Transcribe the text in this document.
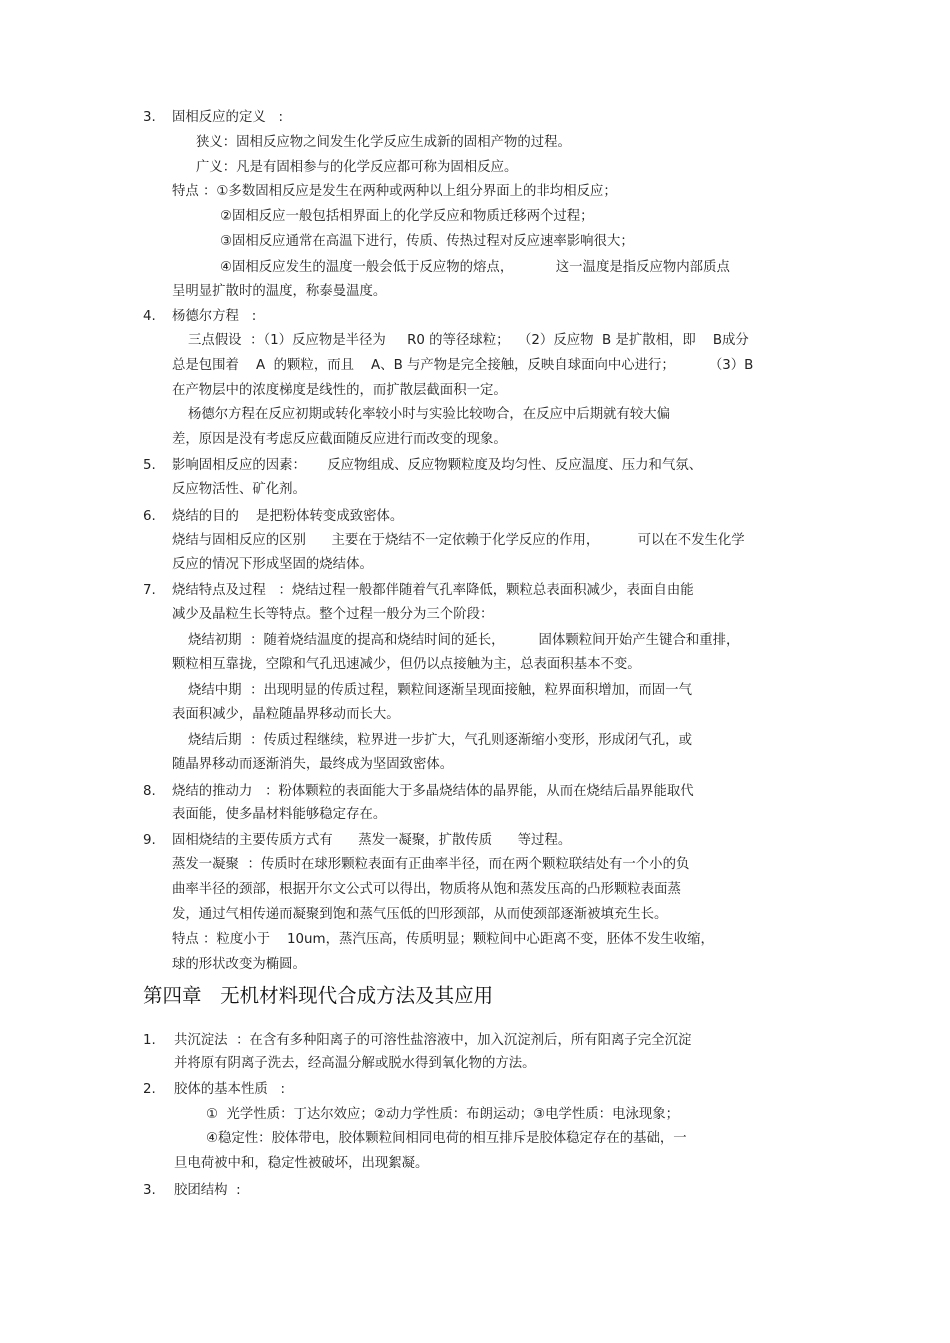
3. 固相反应的定义   :

狭义：固相反应物之间发生化学反应生成新的固相产物的过程。

广义：凡是有固相参与的化学反应都可称为固相反应。

特点 ：①多数固相反应是发生在两种或两种以上组分界面上的非均相反应；

②固相反应一般包括相界面上的化学反应和物质迁移两个过程；

③固相反应通常在高温下进行，传质、传热过程对反应速率影响很大；

④固相反应发生的温度一般会低于反应物的熔点，          这一温度是指反应物内部质点

呈明显扩散时的温度，称泰曼温度。

4. 杨德尔方程   :

三点假设  ：（1）反应物是半径为     R0 的等径球粒；  （2）反应物  B 是扩散相，即    B成分

总是包围着    A  的颗粒，而且    A、B 与产物是完全接触，反映自球面向中心进行；        （3）B

在产物层中的浓度梯度是线性的，而扩散层截面积一定。

杨德尔方程在反应初期或转化率较小时与实验比较吻合，在反应中后期就有较大偏

差，原因是没有考虑反应截面随反应进行而改变的现象。

5. 影响固相反应的因素：     反应物组成、反应物颗粒度及均匀性、反应温度、压力和气氛、

反应物活性、矿化剂。

6. 烧结的目的    是把粉体转变成致密体。

烧结与固相反应的区别      主要在于烧结不一定依赖于化学反应的作用，         可以在不发生化学

反应的情况下形成坚固的烧结体。

7. 烧结特点及过程   ：烧结过程一般都伴随着气孔率降低，颗粒总表面积减少，表面自由能

减少及晶粒生长等特点。整个过程一般分为三个阶段：

烧结初期  ：随着烧结温度的提高和烧结时间的延长，        固体颗粒间开始产生键合和重排，

颗粒相互靠拢，空隙和气孔迅速减少，但仍以点接触为主，总表面积基本不变。

烧结中期  ：出现明显的传质过程，颗粒间逐渐呈现面接触，粒界面积增加，而固一气

表面积减少，晶粒随晶界移动而长大。

烧结后期  ：传质过程继续，粒界进一步扩大，气孔则逐渐缩小变形，形成闭气孔，或

随晶界移动而逐渐消失，最终成为坚固致密体。

8. 烧结的推动力   ：粉体颗粒的表面能大于多晶烧结体的晶界能，从而在烧结后晶界能取代

表面能，使多晶材料能够稳定存在。

9. 固相烧结的主要传质方式有      蒸发一凝聚，扩散传质      等过程。

蒸发一凝聚  ：传质时在球形颗粒表面有正曲率半径，而在两个颗粒联结处有一个小的负

曲率半径的颈部，根据开尔文公式可以得出，物质将从饱和蒸发压高的凸形颗粒表面蒸

发，通过气相传递而凝聚到饱和蒸气压低的凹形颈部，从而使颈部逐渐被填充生长。

特点 ：粒度小于    10um，蒸汽压高，传质明显；颗粒间中心距离不变，胚体不发生收缩，

球的形状改变为椭圆。

第四章   无机材料现代合成方法及其应用
1. 共沉淀法  ：在含有多种阳离子的可溶性盐溶液中，加入沉淀剂后，所有阳离子完全沉淀

并将原有阴离子洗去，经高温分解或脱水得到氧化物的方法。

2. 胶体的基本性质   :

①  光学性质：丁达尔效应；②动力学性质：布朗运动；③电学性质：电泳现象；

④稳定性：胶体带电，胶体颗粒间相同电荷的相互排斥是胶体稳定存在的基础，一

旦电荷被中和，稳定性被破坏，出现絮凝。

3. 胶团结构  :
